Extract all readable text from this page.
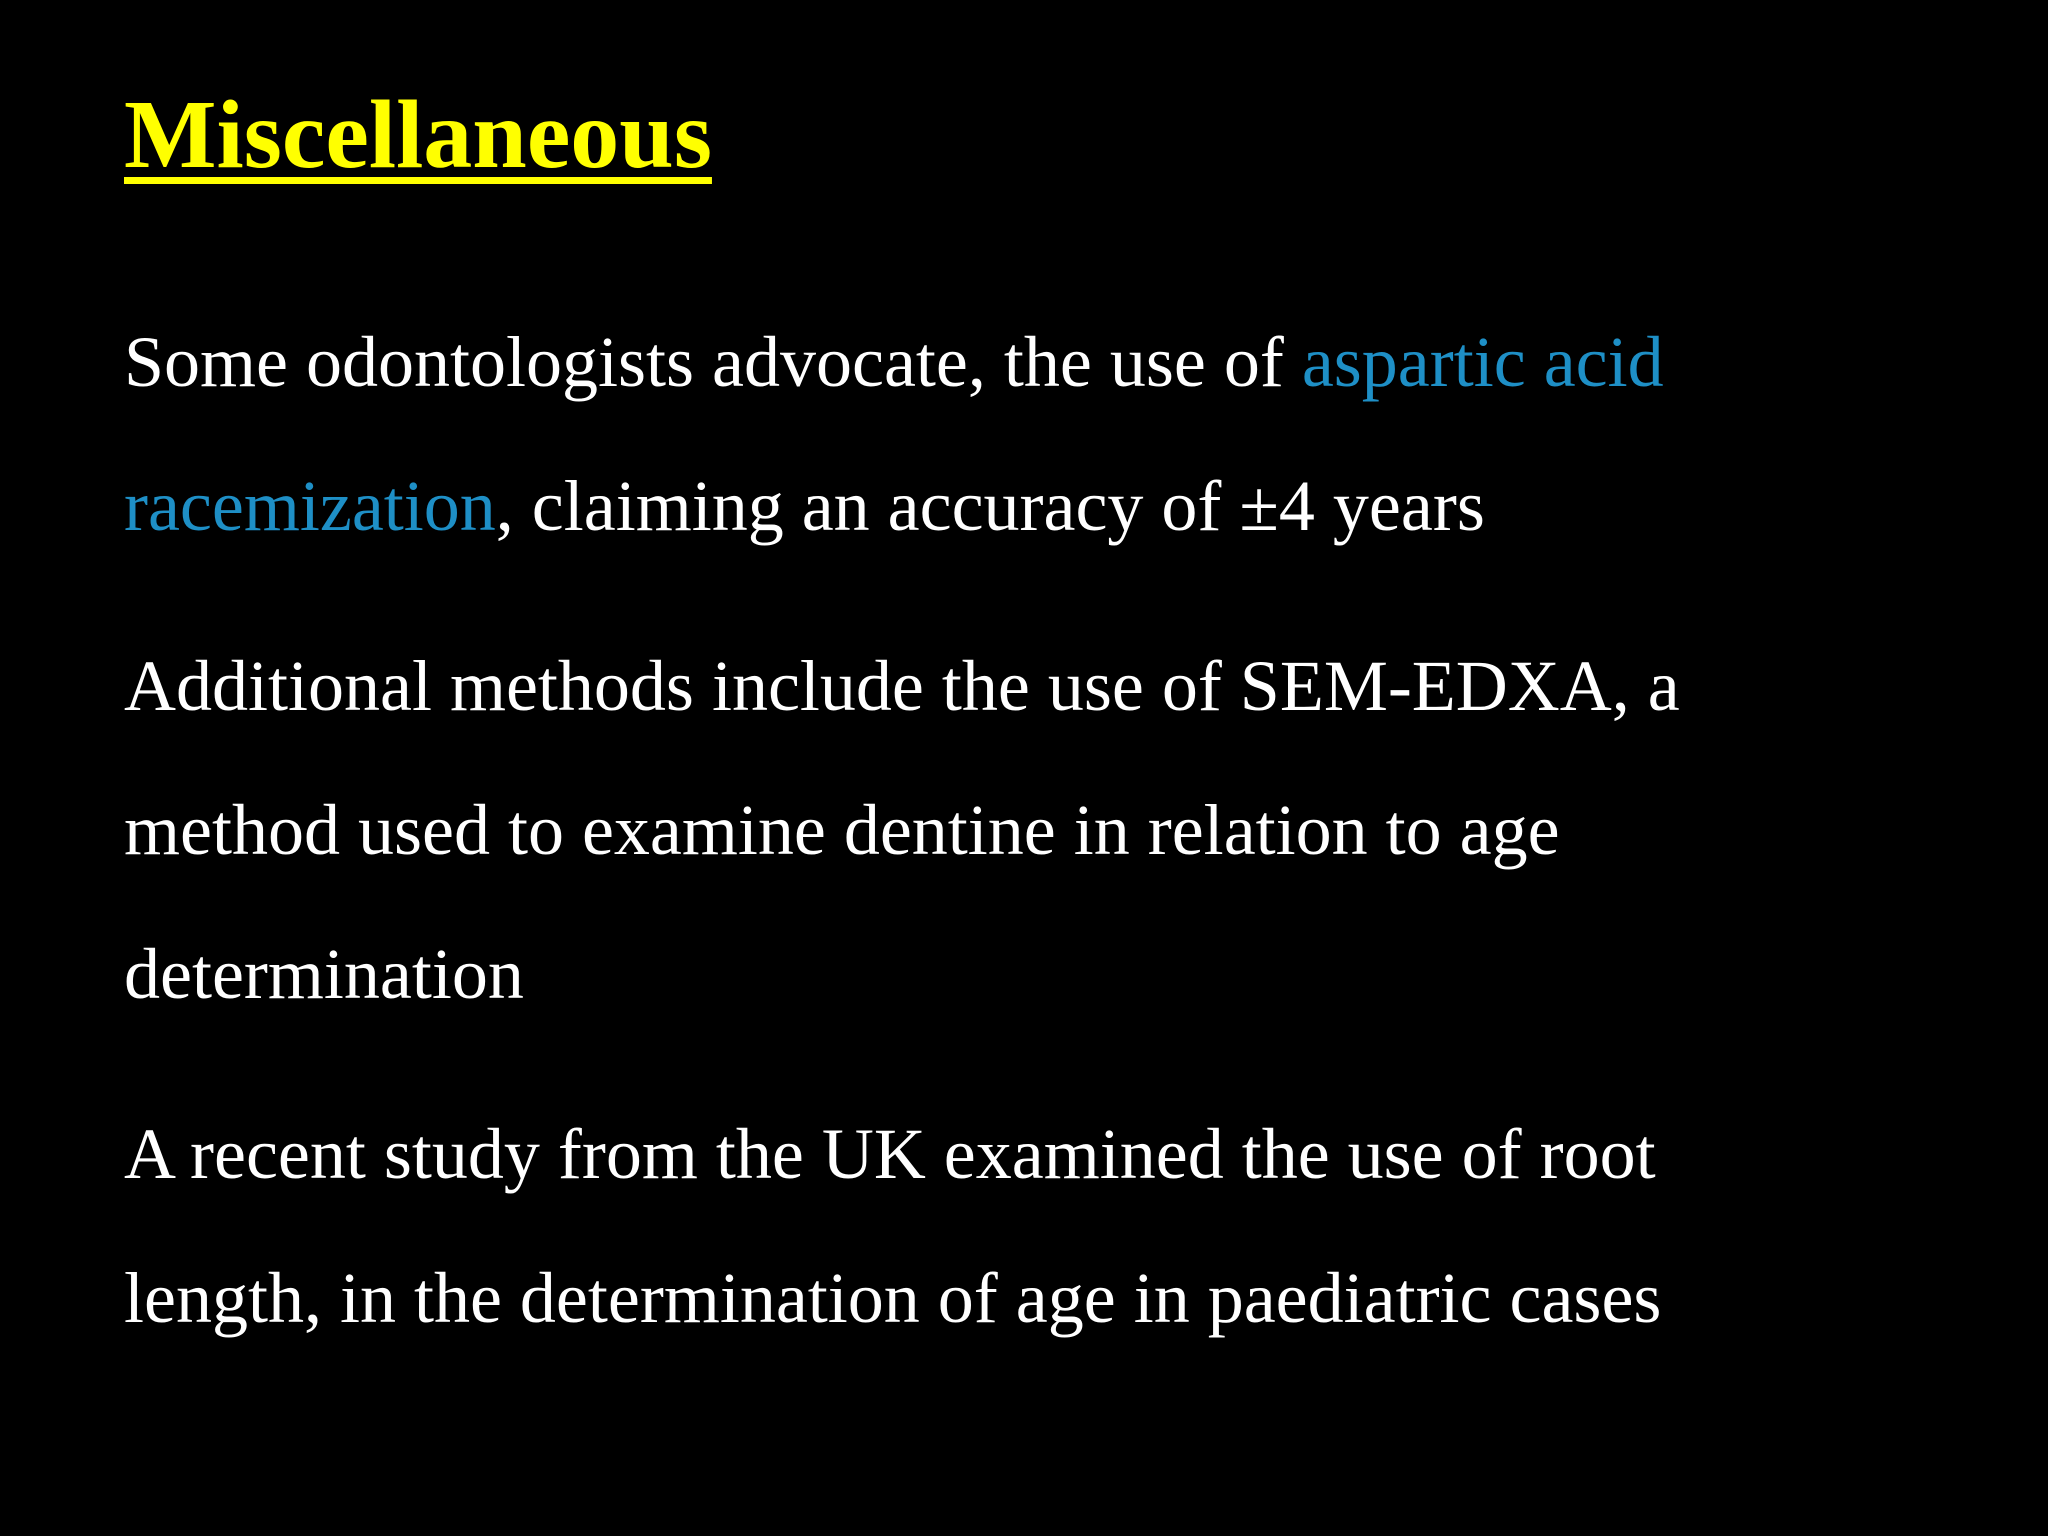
Miscellaneous

Some odontologists advocate, the use of aspartic acid
racemization, claiming an accuracy of ±4 years

Additional methods include the use of SEM-EDXA, a
method used to examine dentine in relation to age
determination

A recent study from the UK examined the use of root
length, in the determination of age in paediatric cases
